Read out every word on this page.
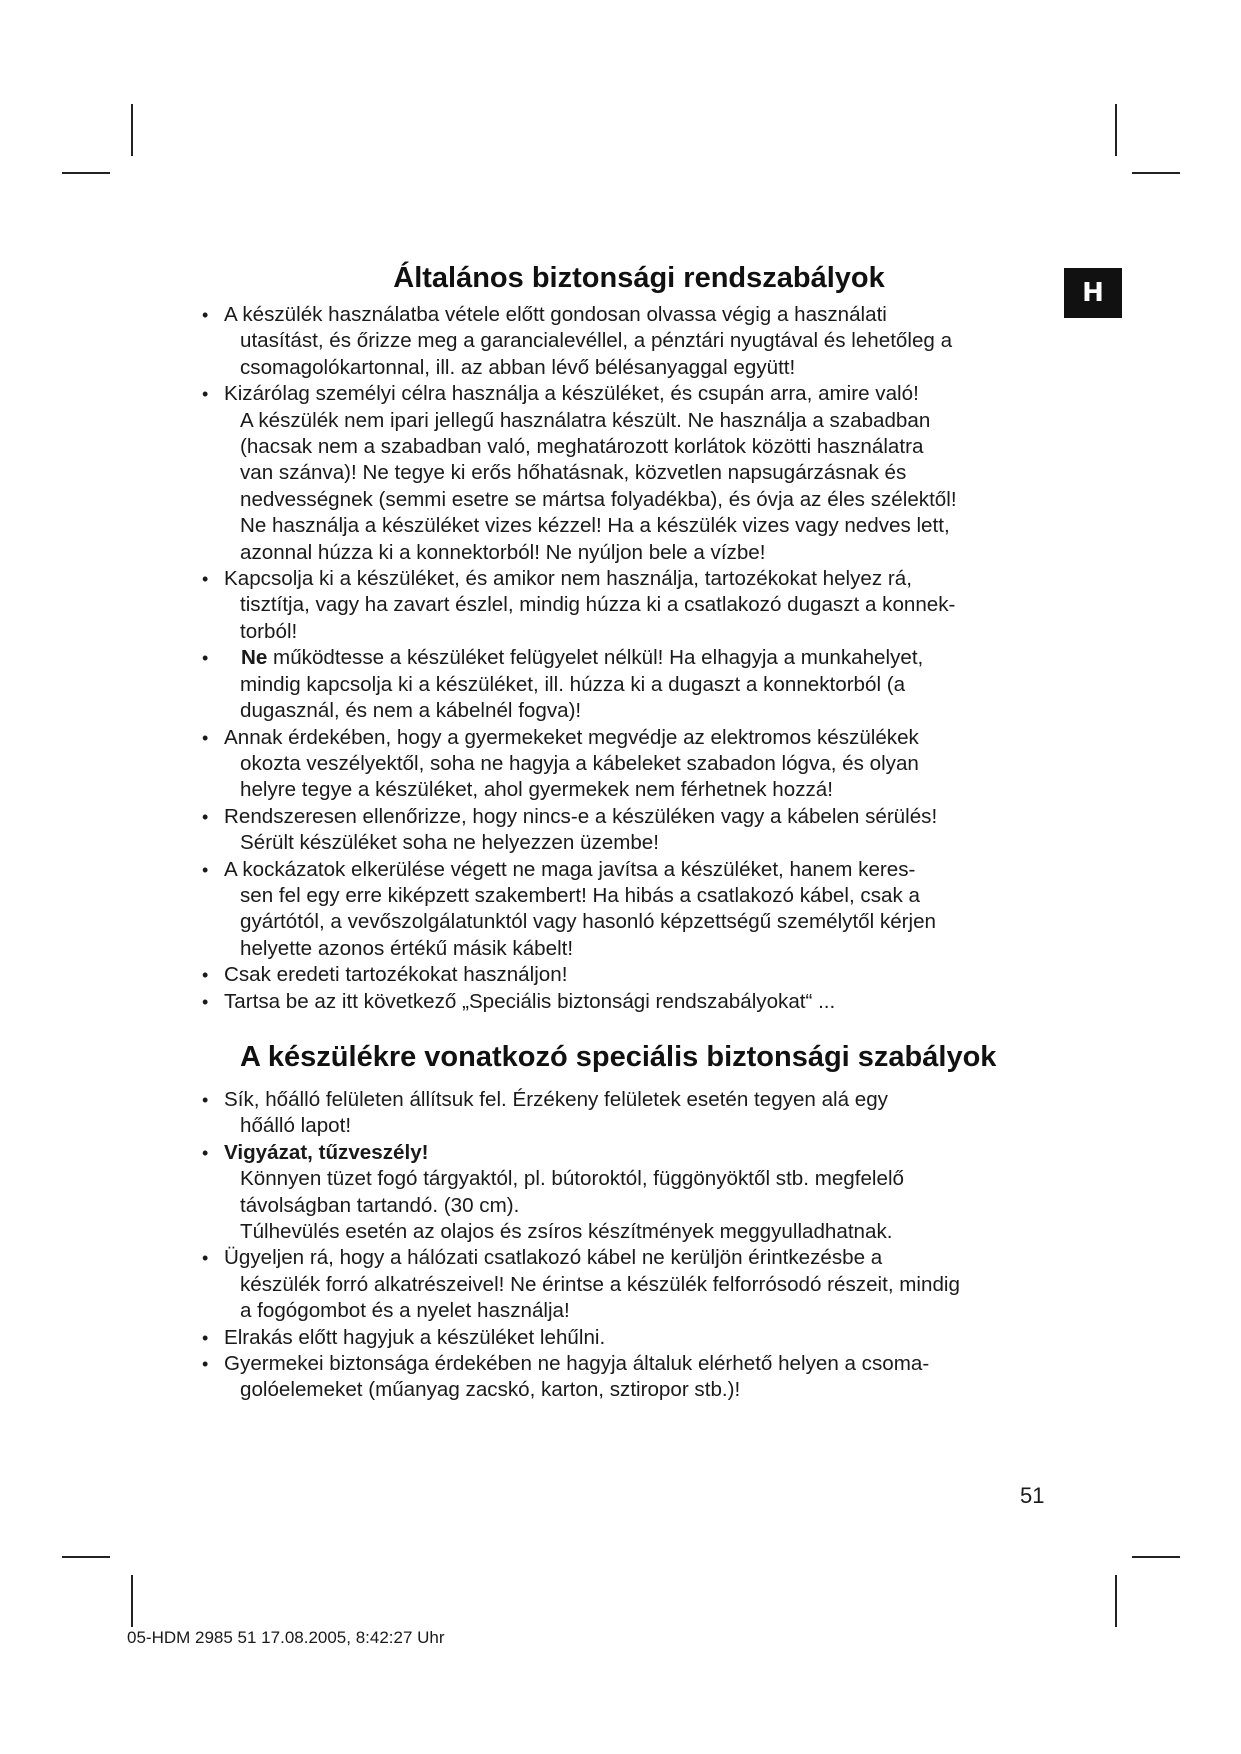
H
Általános biztonsági rendszabályok
• A készülék használatba vétele előtt gondosan olvassa végig a használati
utasítást, és őrizze meg a garancialevéllel, a pénztári nyugtával és lehetőleg a
csomagolókartonnal, ill. az abban lévő bélésanyaggal együtt!
• Kizárólag személyi célra használja a készüléket, és csupán arra, amire való!
A készülék nem ipari jellegű használatra készült. Ne használja a szabadban
(hacsak nem a szabadban való, meghatározott korlátok közötti használatra
van szánva)! Ne tegye ki erős hőhatásnak, közvetlen napsugárzásnak és
nedvességnek (semmi esetre se mártsa folyadékba), és óvja az éles szélektől!
Ne használja a készüléket vizes kézzel! Ha a készülék vizes vagy nedves lett,
azonnal húzza ki a konnektorból! Ne nyúljon bele a vízbe!
• Kapcsolja ki a készüléket, és amikor nem használja, tartozékokat helyez rá,
tisztítja, vagy ha zavart észlel, mindig húzza ki a csatlakozó dugaszt a konnek-
torból!
• Ne működtesse a készüléket felügyelet nélkül! Ha elhagyja a munkahelyet,
mindig kapcsolja ki a készüléket, ill. húzza ki a dugaszt a konnektorból (a
dugasznál, és nem a kábelnél fogva)!
• Annak érdekében, hogy a gyermekeket megvédje az elektromos készülékek
okozta veszélyektől, soha ne hagyja a kábeleket szabadon lógva, és olyan
helyre tegye a készüléket, ahol gyermekek nem férhetnek hozzá!
• Rendszeresen ellenőrizze, hogy nincs-e a készüléken vagy a kábelen sérülés!
Sérült készüléket soha ne helyezzen üzembe!
• A kockázatok elkerülése végett ne maga javítsa a készüléket, hanem keres-
sen fel egy erre kiképzett szakembert! Ha hibás a csatlakozó kábel, csak a
gyártótól, a vevőszolgálatunktól vagy hasonló képzettségű személytől kérjen
helyette azonos értékű másik kábelt!
• Csak eredeti tartozékokat használjon!
• Tartsa be az itt következő „Speciális biztonsági rendszabályokat“ ...
A készülékre vonatkozó speciális biztonsági szabályok
• Sík, hőálló felületen állítsuk fel. Érzékeny felületek esetén tegyen alá egy
hőálló lapot!
• Vigyázat, tűzveszély!
Könnyen tüzet fogó tárgyaktól, pl. bútoroktól, függönyöktől stb. megfelelő
távolságban tartandó. (30 cm).
Túlhevülés esetén az olajos és zsíros készítmények meggyulladhatnak.
• Ügyeljen rá, hogy a hálózati csatlakozó kábel ne kerüljön érintkezésbe a
készülék forró alkatrészeivel! Ne érintse a készülék felforrósodó részeit, mindig
a fogógombot és a nyelet használja!
• Elrakás előtt hagyjuk a készüléket lehűlni.
• Gyermekei biztonsága érdekében ne hagyja általuk elérhető helyen a csoma-
golóelemeket (műanyag zacskó, karton, sztiropor stb.)!
51
05-HDM 2985 51 17.08.2005, 8:42:27 Uhr
